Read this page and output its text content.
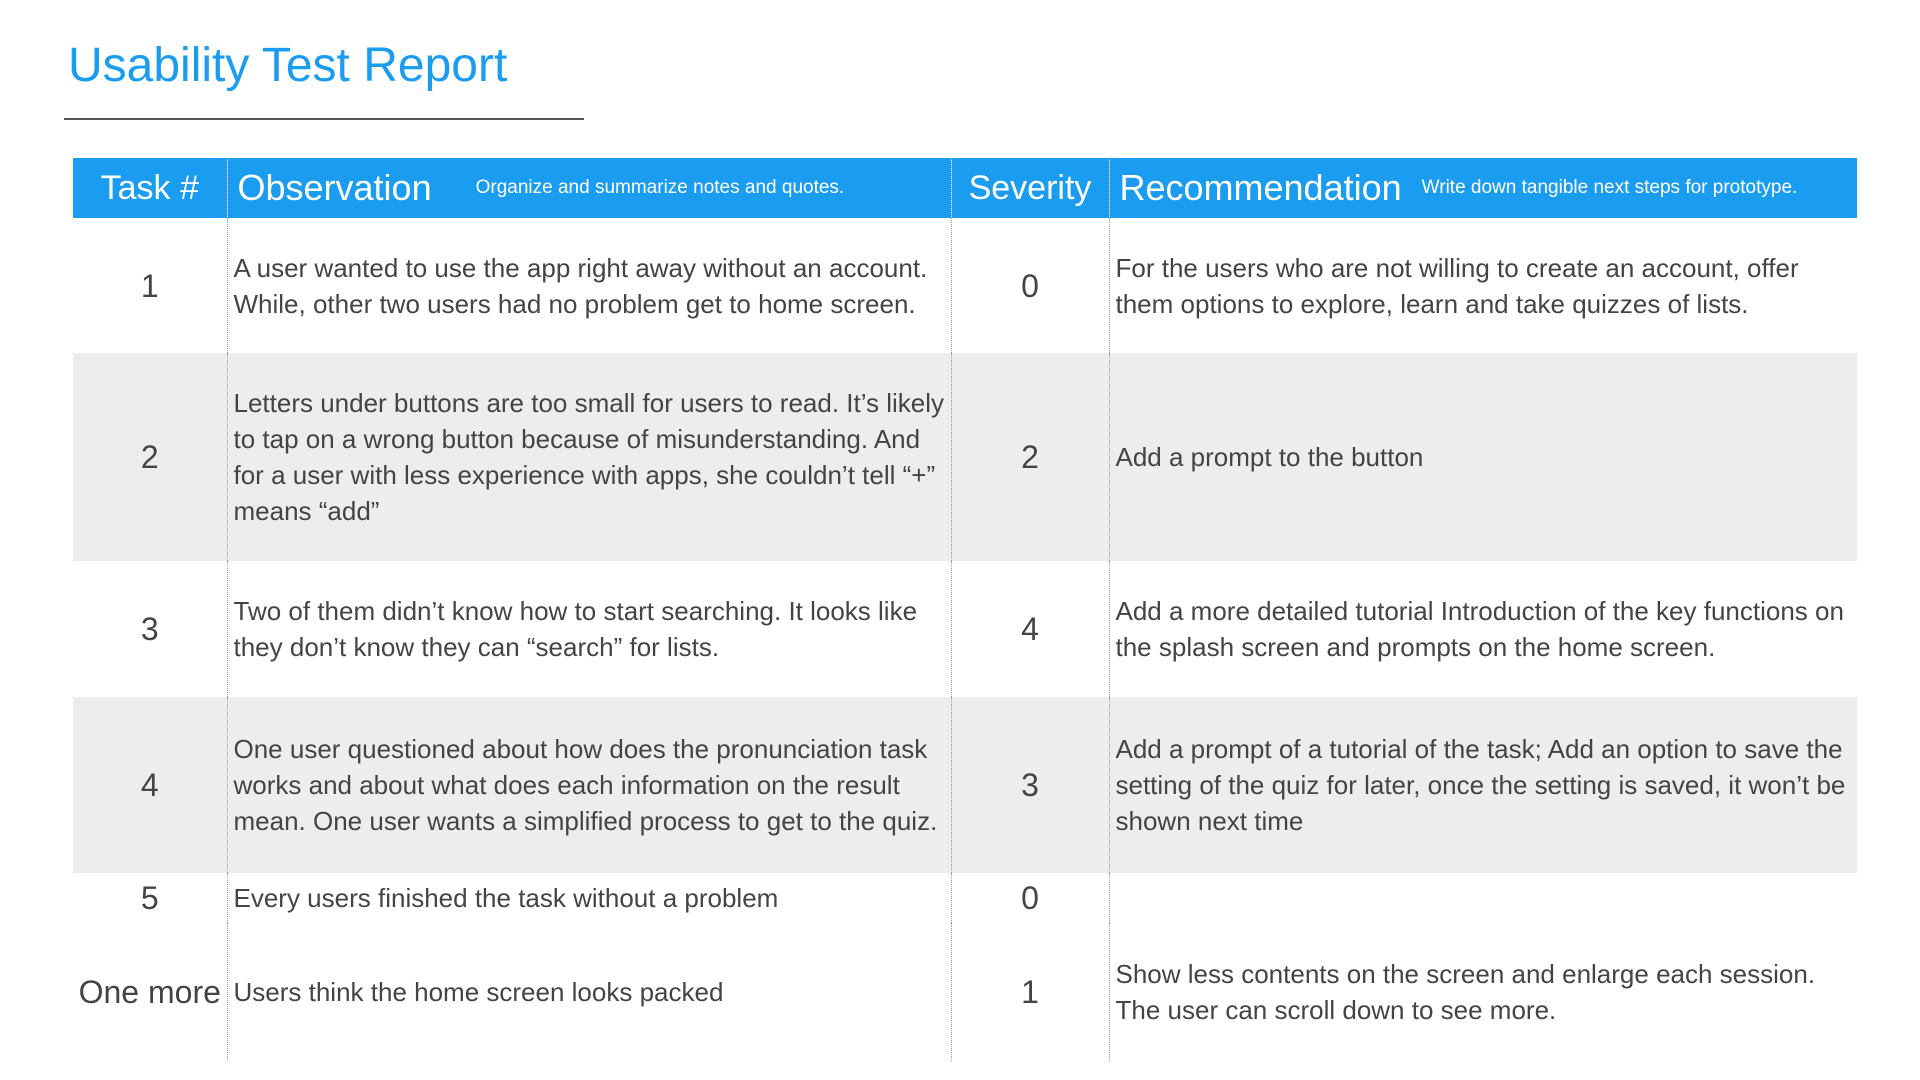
Usability Test Report
Task #	Observation Organize and summarize notes and quotes.	Severity	Recommendation Write down tangible next steps for prototype.
1	A user wanted to use the app right away without an account. While, other two users had no problem get to home screen.	0	For the users who are not willing to create an account, offer them options to explore, learn and take quizzes of lists.
2	Letters under buttons are too small for users to read. It’s likely to tap on a wrong button because of misunderstanding. And for a user with less experience with apps, she couldn’t tell “+” means “add”	2	Add a prompt to the button
3	Two of them didn’t know how to start searching. It looks like they don’t know they can “search” for lists.	4	Add a more detailed tutorial Introduction of the key functions on the splash screen and prompts on the home screen.
4	One user questioned about how does the pronunciation task works and about what does each information on the result mean. One user wants a simplified process to get to the quiz.	3	Add a prompt of a tutorial of the task; Add an option to save the setting of the quiz for later, once the setting is saved, it won’t be shown next time
5	Every users finished the task without a problem	0	
One more	Users think the home screen looks packed	1	Show less contents on the screen and enlarge each session. The user can scroll down to see more.
